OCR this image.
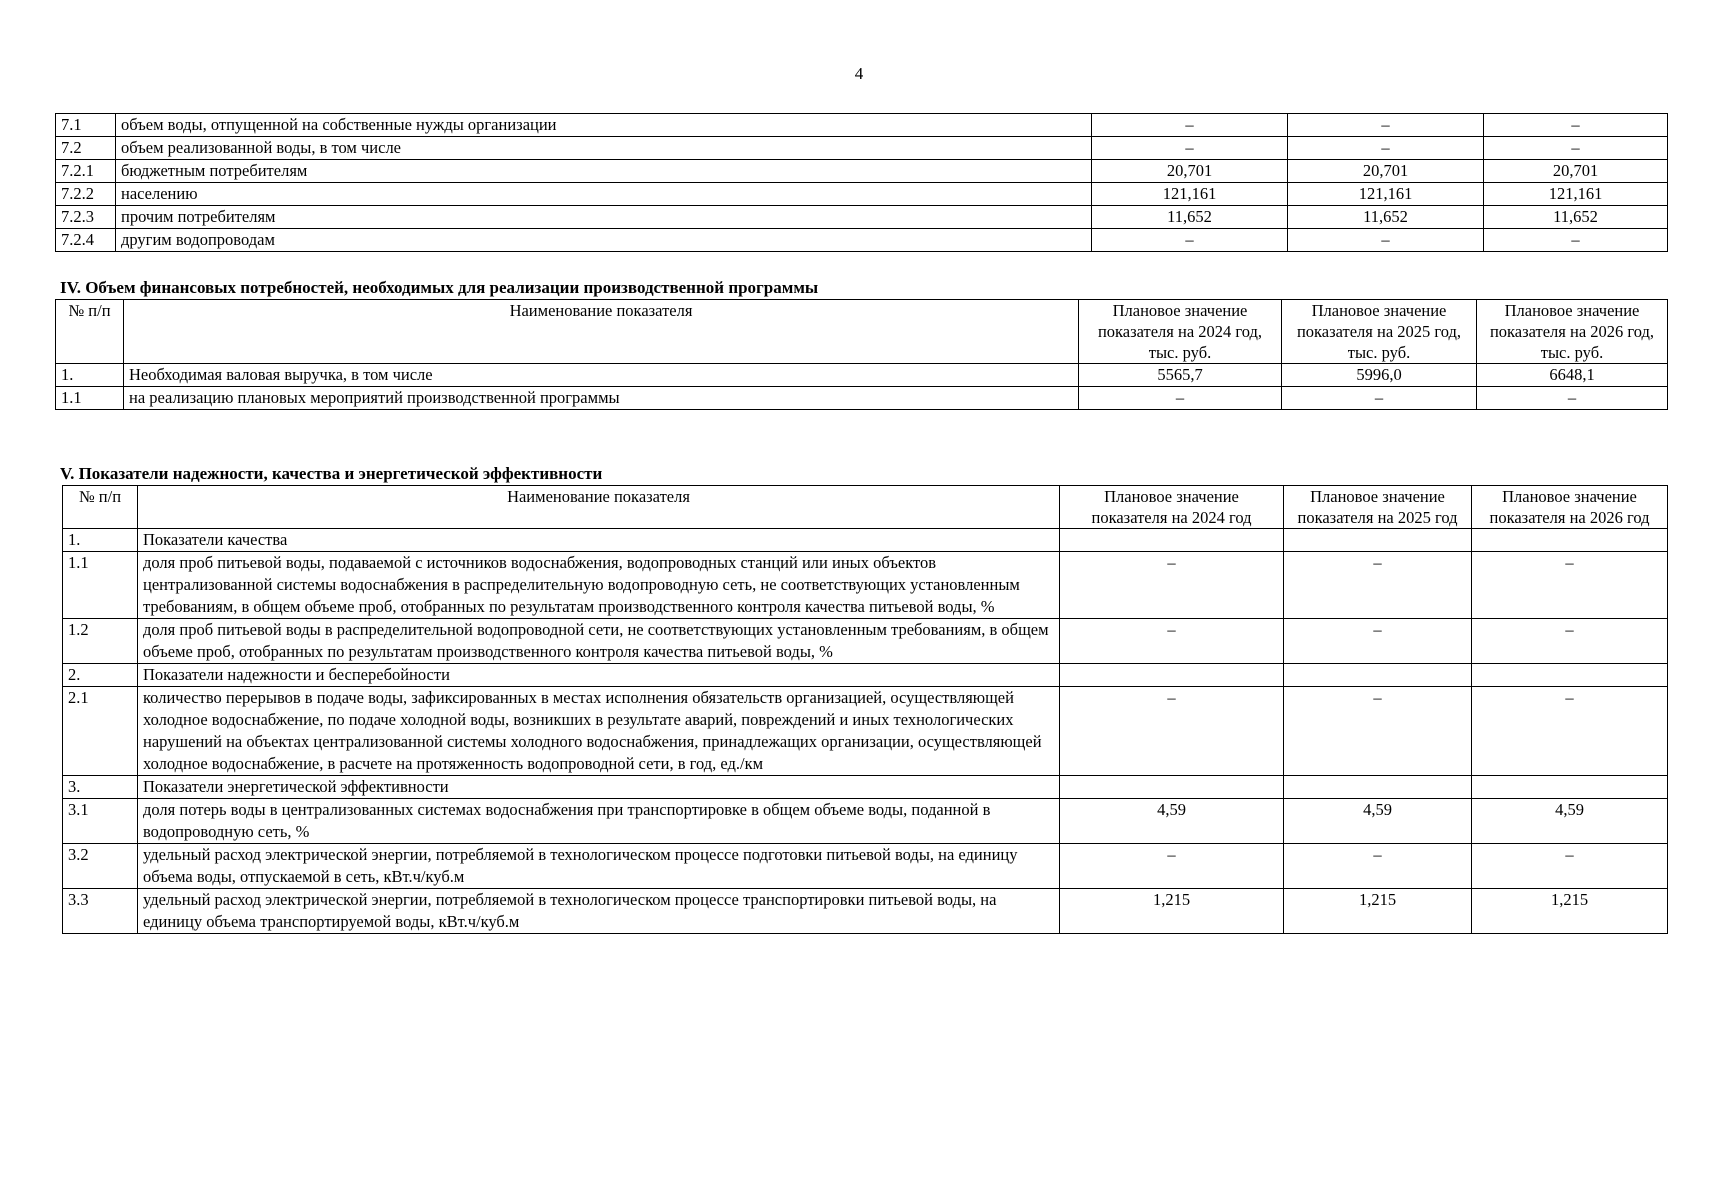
4
7.1	объем воды, отпущенной на собственные нужды организации	–	–	–
7.2	объем реализованной воды, в том числе	–	–	–
7.2.1	бюджетным потребителям	20,701	20,701	20,701
7.2.2	населению	121,161	121,161	121,161
7.2.3	прочим потребителям	11,652	11,652	11,652
7.2.4	другим водопроводам	–	–	–
IV. Объем финансовых потребностей, необходимых для реализации производственной программы
№ п/п	Наименование показателя	Плановое значение показателя на 2024 год, тыс. руб.	Плановое значение показателя на 2025 год, тыс. руб.	Плановое значение показателя на 2026 год, тыс. руб.
1.	Необходимая валовая выручка, в том числе	5565,7	5996,0	6648,1
1.1	на реализацию плановых мероприятий производственной программы	–	–	–
V. Показатели надежности, качества и энергетической эффективности
№ п/п	Наименование показателя	Плановое значение показателя на 2024 год	Плановое значение показателя на 2025 год	Плановое значение показателя на 2026 год
1.	Показатели качества			
1.1	доля проб питьевой воды, подаваемой с источников водоснабжения, водопроводных станций или иных объектов централизованной системы водоснабжения в распределительную водопроводную сеть, не соответствующих установленным требованиям, в общем объеме проб, отобранных по результатам производственного контроля качества питьевой воды, %	–	–	–
1.2	доля проб питьевой воды в распределительной водопроводной сети, не соответствующих установленным требованиям, в общем объеме проб, отобранных по результатам производственного контроля качества питьевой воды, %	–	–	–
2.	Показатели надежности и бесперебойности			
2.1	количество перерывов в подаче воды, зафиксированных в местах исполнения обязательств организацией, осуществляющей холодное водоснабжение, по подаче холодной воды, возникших в результате аварий, повреждений и иных технологических нарушений на объектах централизованной системы холодного водоснабжения, принадлежащих организации, осуществляющей холодное водоснабжение, в расчете на протяженность водопроводной сети, в год, ед./км	–	–	–
3.	Показатели энергетической эффективности			
3.1	доля потерь воды в централизованных системах водоснабжения при транспортировке в общем объеме воды, поданной в водопроводную сеть, %	4,59	4,59	4,59
3.2	удельный расход электрической энергии, потребляемой в технологическом процессе подготовки питьевой воды, на единицу объема воды, отпускаемой в сеть, кВт.ч/куб.м	–	–	–
3.3	удельный расход электрической энергии, потребляемой в технологическом процессе транспортировки питьевой воды, на единицу объема транспортируемой воды, кВт.ч/куб.м	1,215	1,215	1,215
